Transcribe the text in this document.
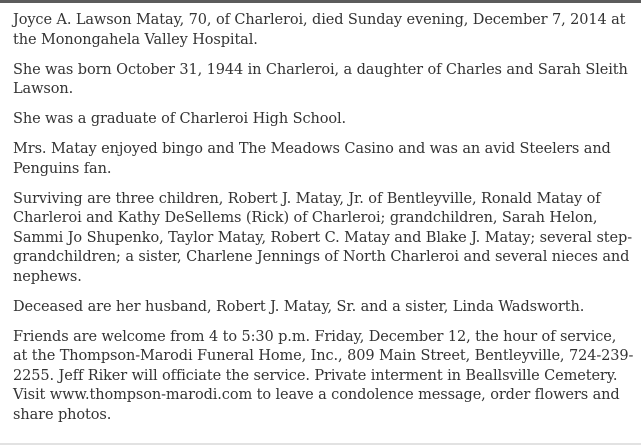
Joyce A. Lawson Matay, 70, of Charleroi, died Sunday evening, December 7, 2014 at the Monongahela Valley Hospital.

She was born October 31, 1944 in Charleroi, a daughter of Charles and Sarah Sleith Lawson.

She was a graduate of Charleroi High School.

Mrs. Matay enjoyed bingo and The Meadows Casino and was an avid Steelers and Penguins fan.

Surviving are three children, Robert J. Matay, Jr. of Bentleyville, Ronald Matay of Charleroi and Kathy DeSellems (Rick) of Charleroi; grandchildren, Sarah Helon, Sammi Jo Shupenko, Taylor Matay, Robert C. Matay and Blake J. Matay; several step-grandchildren; a sister, Charlene Jennings of North Charleroi and several nieces and nephews.

Deceased are her husband, Robert J. Matay, Sr. and a sister, Linda Wadsworth.

Friends are welcome from 4 to 5:30 p.m. Friday, December 12, the hour of service, at the Thompson-Marodi Funeral Home, Inc., 809 Main Street, Bentleyville, 724-239-2255. Jeff Riker will officiate the service. Private interment in Beallsville Cemetery. Visit www.thompson-marodi.com to leave a condolence message, order flowers and share photos.
